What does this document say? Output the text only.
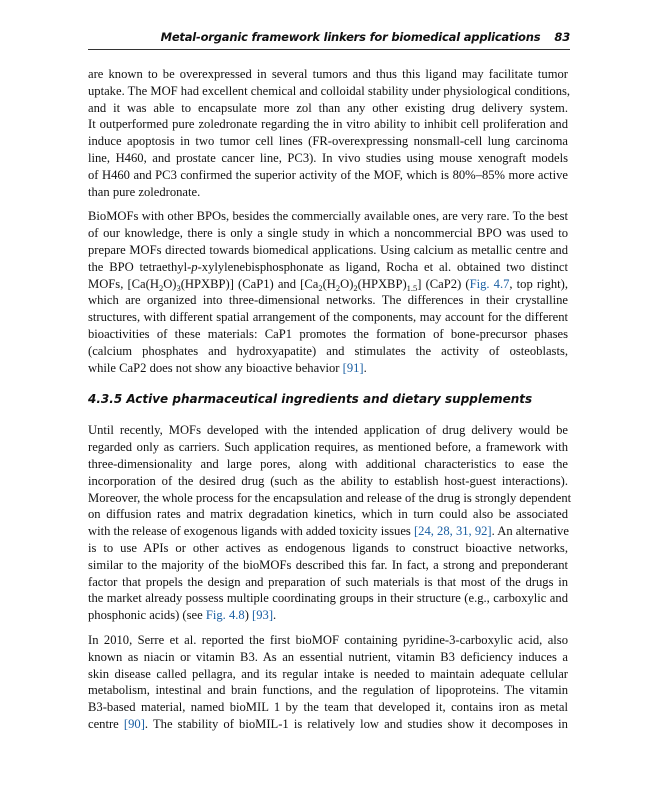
Metal-organic framework linkers for biomedical applications 83
are known to be overexpressed in several tumors and thus this ligand may facilitate tumor
uptake. The MOF had excellent chemical and colloidal stability under physiological conditions,
and it was able to encapsulate more zol than any other existing drug delivery system.
It outperformed pure zoledronate regarding the in vitro ability to inhibit cell proliferation and
induce apoptosis in two tumor cell lines (FR-overexpressing nonsmall-cell lung carcinoma
line, H460, and prostate cancer line, PC3). In vivo studies using mouse xenograft models
of H460 and PC3 confirmed the superior activity of the MOF, which is 80%–85% more active
than pure zoledronate.
BioMOFs with other BPOs, besides the commercially available ones, are very rare. To the best
of our knowledge, there is only a single study in which a noncommercial BPO was used to
prepare MOFs directed towards biomedical applications. Using calcium as metallic centre and
the BPO tetraethyl-p-xylylenebisphosphonate as ligand, Rocha et al. obtained two distinct
MOFs, $[Ca(H_2O)_3(HPXBP)]$ (CaP1) and $[Ca_2(H_2O)_2(HPXBP)_{1.5}]$ (CaP2) (Fig. 4.7, top right),
which are organized into three-dimensional networks. The differences in their crystalline
structures, with different spatial arrangement of the components, may account for the different
bioactivities of these materials: CaP1 promotes the formation of bone-precursor phases
(calcium phosphates and hydroxyapatite) and stimulates the activity of osteoblasts,
while CaP2 does not show any bioactive behavior [91].
4.3.5 Active pharmaceutical ingredients and dietary supplements
Until recently, MOFs developed with the intended application of drug delivery would be
regarded only as carriers. Such application requires, as mentioned before, a framework with
three-dimensionality and large pores, along with additional characteristics to ease the
incorporation of the desired drug (such as the ability to establish host-guest interactions).
Moreover, the whole process for the encapsulation and release of the drug is strongly dependent
on diffusion rates and matrix degradation kinetics, which in turn could also be associated
with the release of exogenous ligands with added toxicity issues [24, 28, 31, 92]. An alternative
is to use APIs or other actives as endogenous ligands to construct bioactive networks,
similar to the majority of the bioMOFs described this far. In fact, a strong and preponderant
factor that propels the design and preparation of such materials is that most of the drugs in
the market already possess multiple coordinating groups in their structure (e.g., carboxylic and
phosphonic acids) (see Fig. 4.8) [93].
In 2010, Serre et al. reported the first bioMOF containing pyridine-3-carboxylic acid, also
known as niacin or vitamin B3. As an essential nutrient, vitamin B3 deficiency induces a
skin disease called pellagra, and its regular intake is needed to maintain adequate cellular
metabolism, intestinal and brain functions, and the regulation of lipoproteins. The vitamin
B3-based material, named bioMIL 1 by the team that developed it, contains iron as metal
centre [90]. The stability of bioMIL-1 is relatively low and studies show it decomposes in
